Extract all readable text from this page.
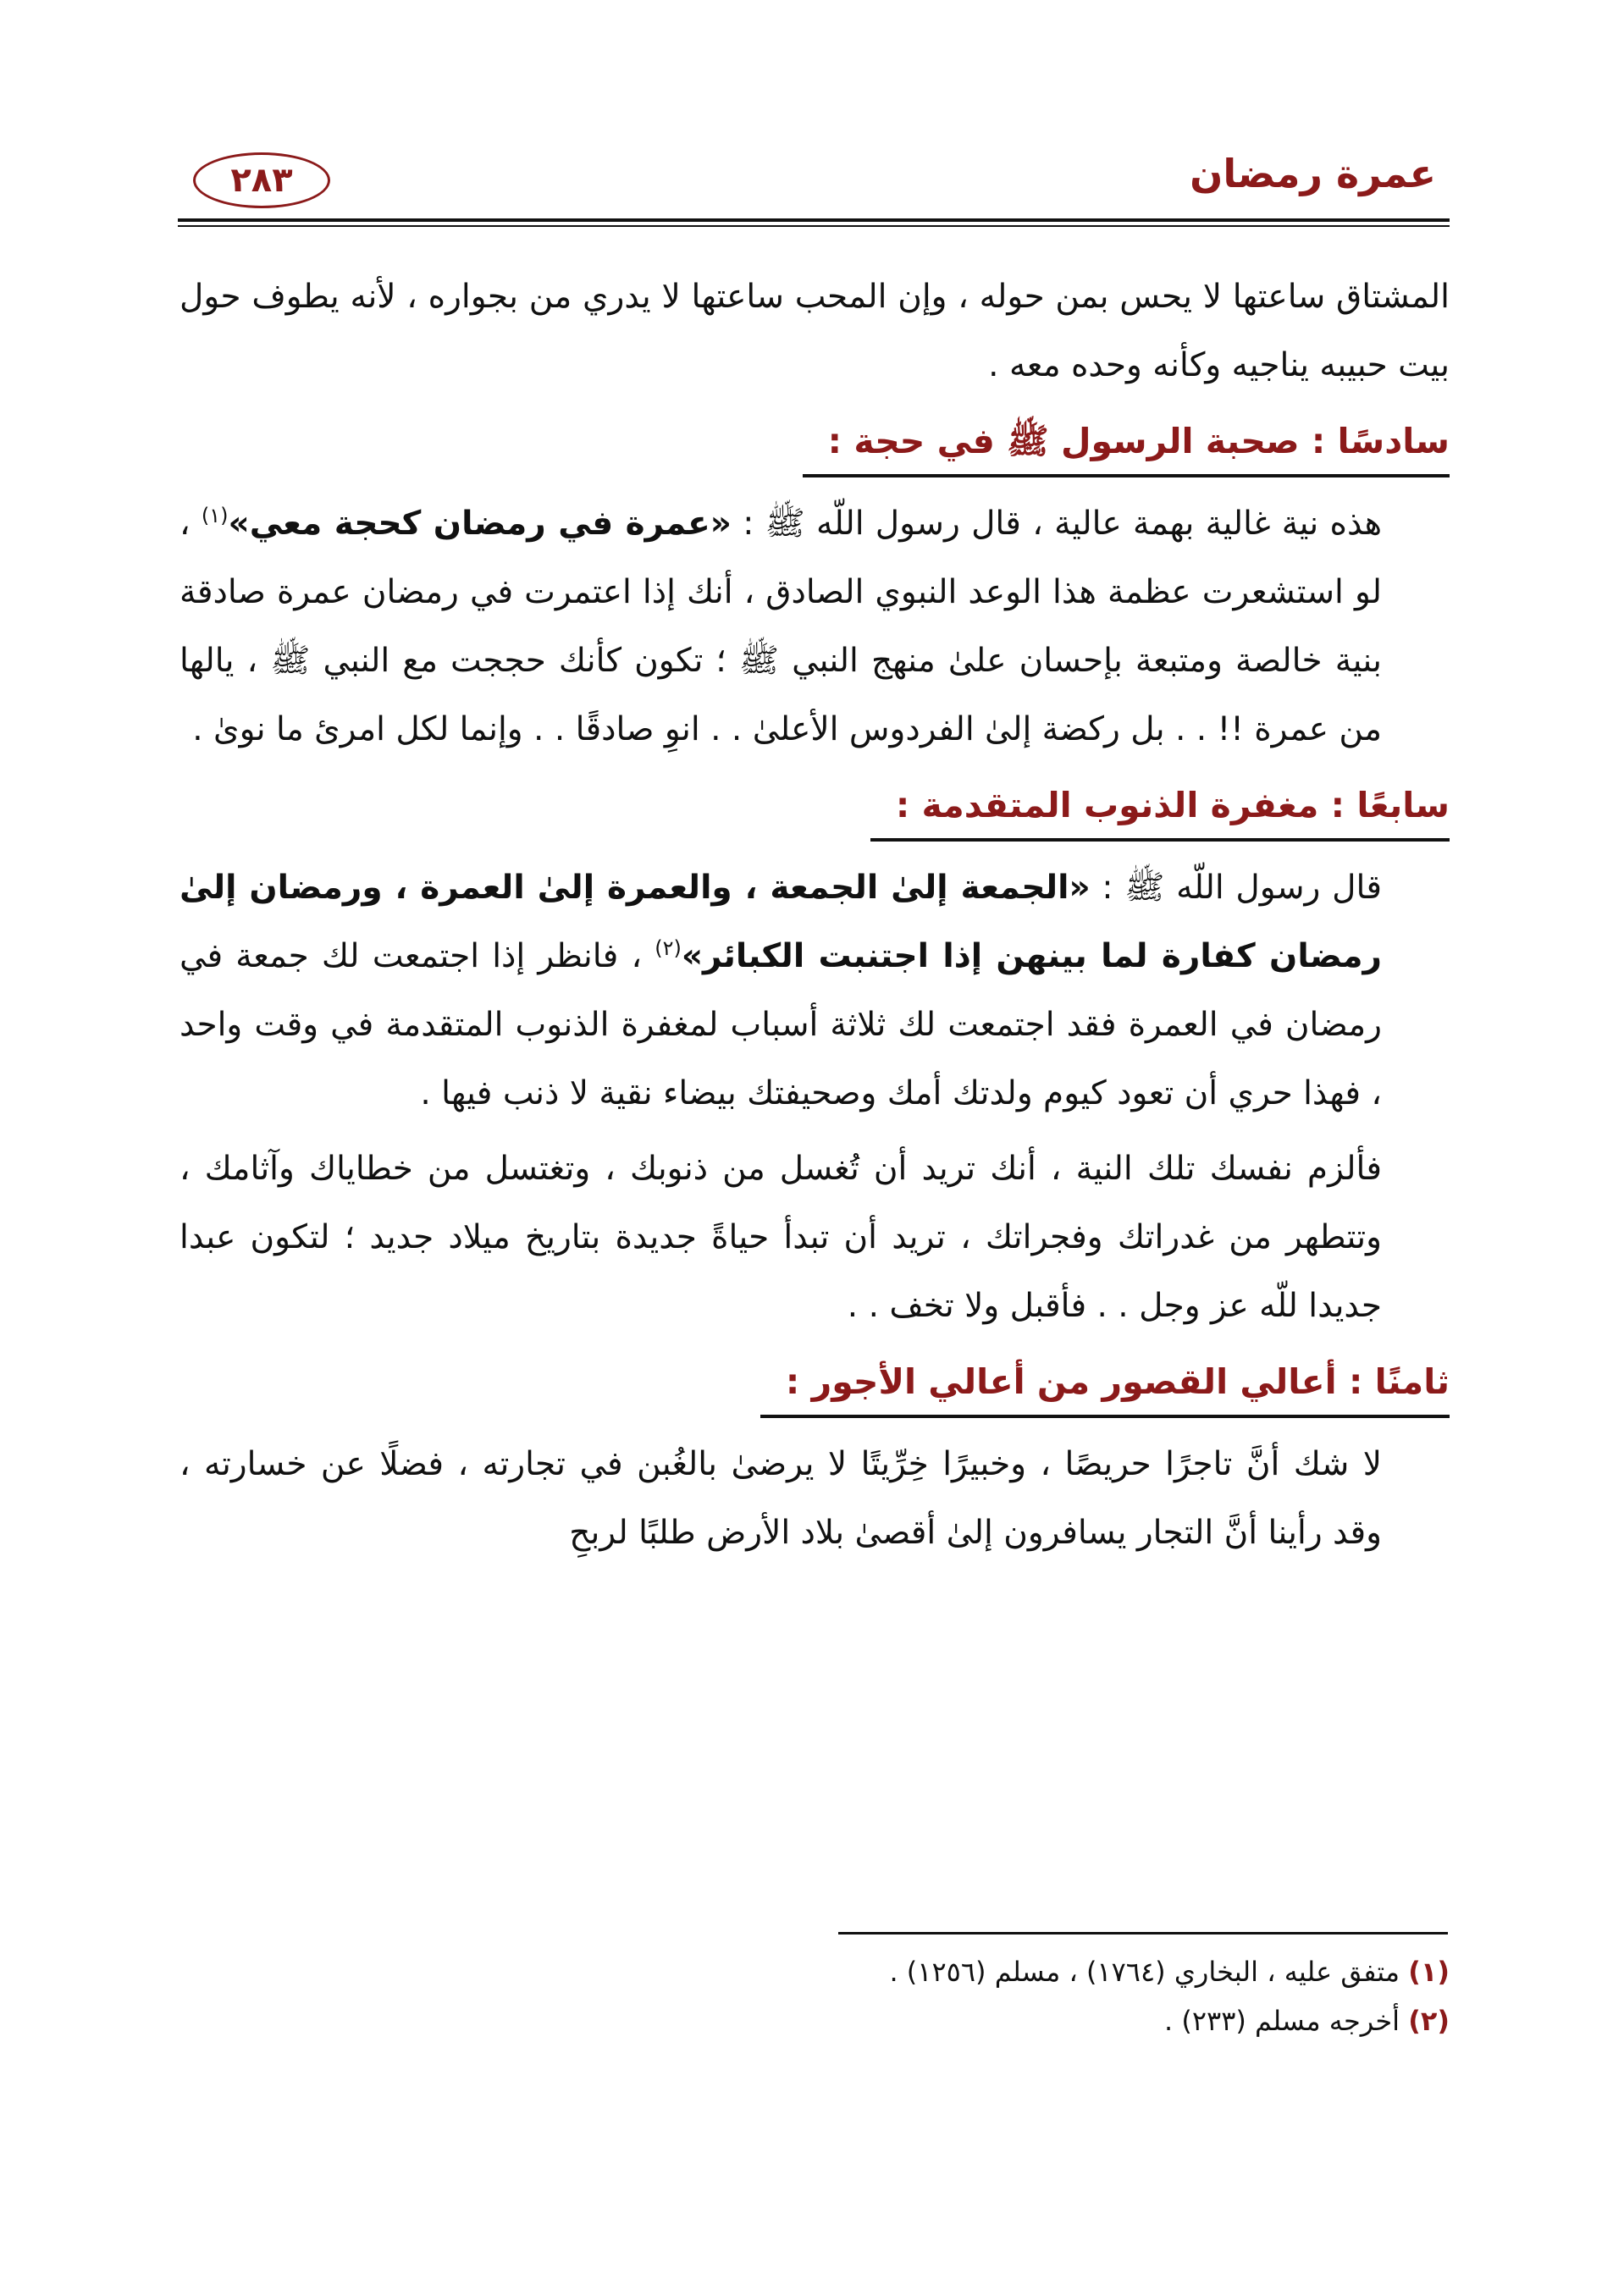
٢٨٣	عمرة رمضان

المشتاق ساعتها لا يحس بمن حوله ، وإن المحب ساعتها لا يدري من بجواره ، لأنه يطوف حول بيت حبيبه يناجيه وكأنه وحده معه .

سادسًا : صحبة الرسول ﷺ في حجة :

هذه نية غالية بهمة عالية ، قال رسول اللّه ﷺ : «عمرة في رمضان كحجة معي»$^{(١)}$ ، لو استشعرت عظمة هذا الوعد النبوي الصادق ، أنك إذا اعتمرت في رمضان عمرة صادقة بنية خالصة ومتبعة بإحسان علىٰ منهج النبي ﷺ ؛ تكون كأنك حججت مع النبي ﷺ ، يالها من عمرة !! . . بل ركضة إلىٰ الفردوس الأعلىٰ . . انوِ صادقًا . . وإنما لكل امرئ ما نوىٰ .

سابعًا : مغفرة الذنوب المتقدمة :

قال رسول اللّه ﷺ : «الجمعة إلىٰ الجمعة ، والعمرة إلىٰ العمرة ، ورمضان إلىٰ رمضان كفارة لما بينهن إذا اجتنبت الكبائر»$^{(٢)}$ ، فانظر إذا اجتمعت لك جمعة في رمضان في العمرة فقد اجتمعت لك ثلاثة أسباب لمغفرة الذنوب المتقدمة في وقت واحد ، فهذا حري أن تعود كيوم ولدتك أمك وصحيفتك بيضاء نقية لا ذنب فيها .

فألزم نفسك تلك النية ، أنك تريد أن تُغسل من ذنوبك ، وتغتسل من خطاياك وآثامك ، وتتطهر من غدراتك وفجراتك ، تريد أن تبدأ حياةً جديدة بتاريخ ميلاد جديد ؛ لتكون عبدا جديدا للّه عز وجل . . فأقبل ولا تخف . .

ثامنًا : أعالي القصور من أعالي الأجور :

لا شك أنَّ تاجرًا حريصًا ، وخبيرًا خِرِّيتًا لا يرضىٰ بالغُبن في تجارته ، فضلًا عن خسارته ، وقد رأينا أنَّ التجار يسافرون إلىٰ أقصىٰ بلاد الأرض طلبًا لربحِ

(١) متفق عليه ، البخاري (١٧٦٤) ، مسلم (١٢٥٦) .
(٢) أخرجه مسلم (٢٣٣) .
